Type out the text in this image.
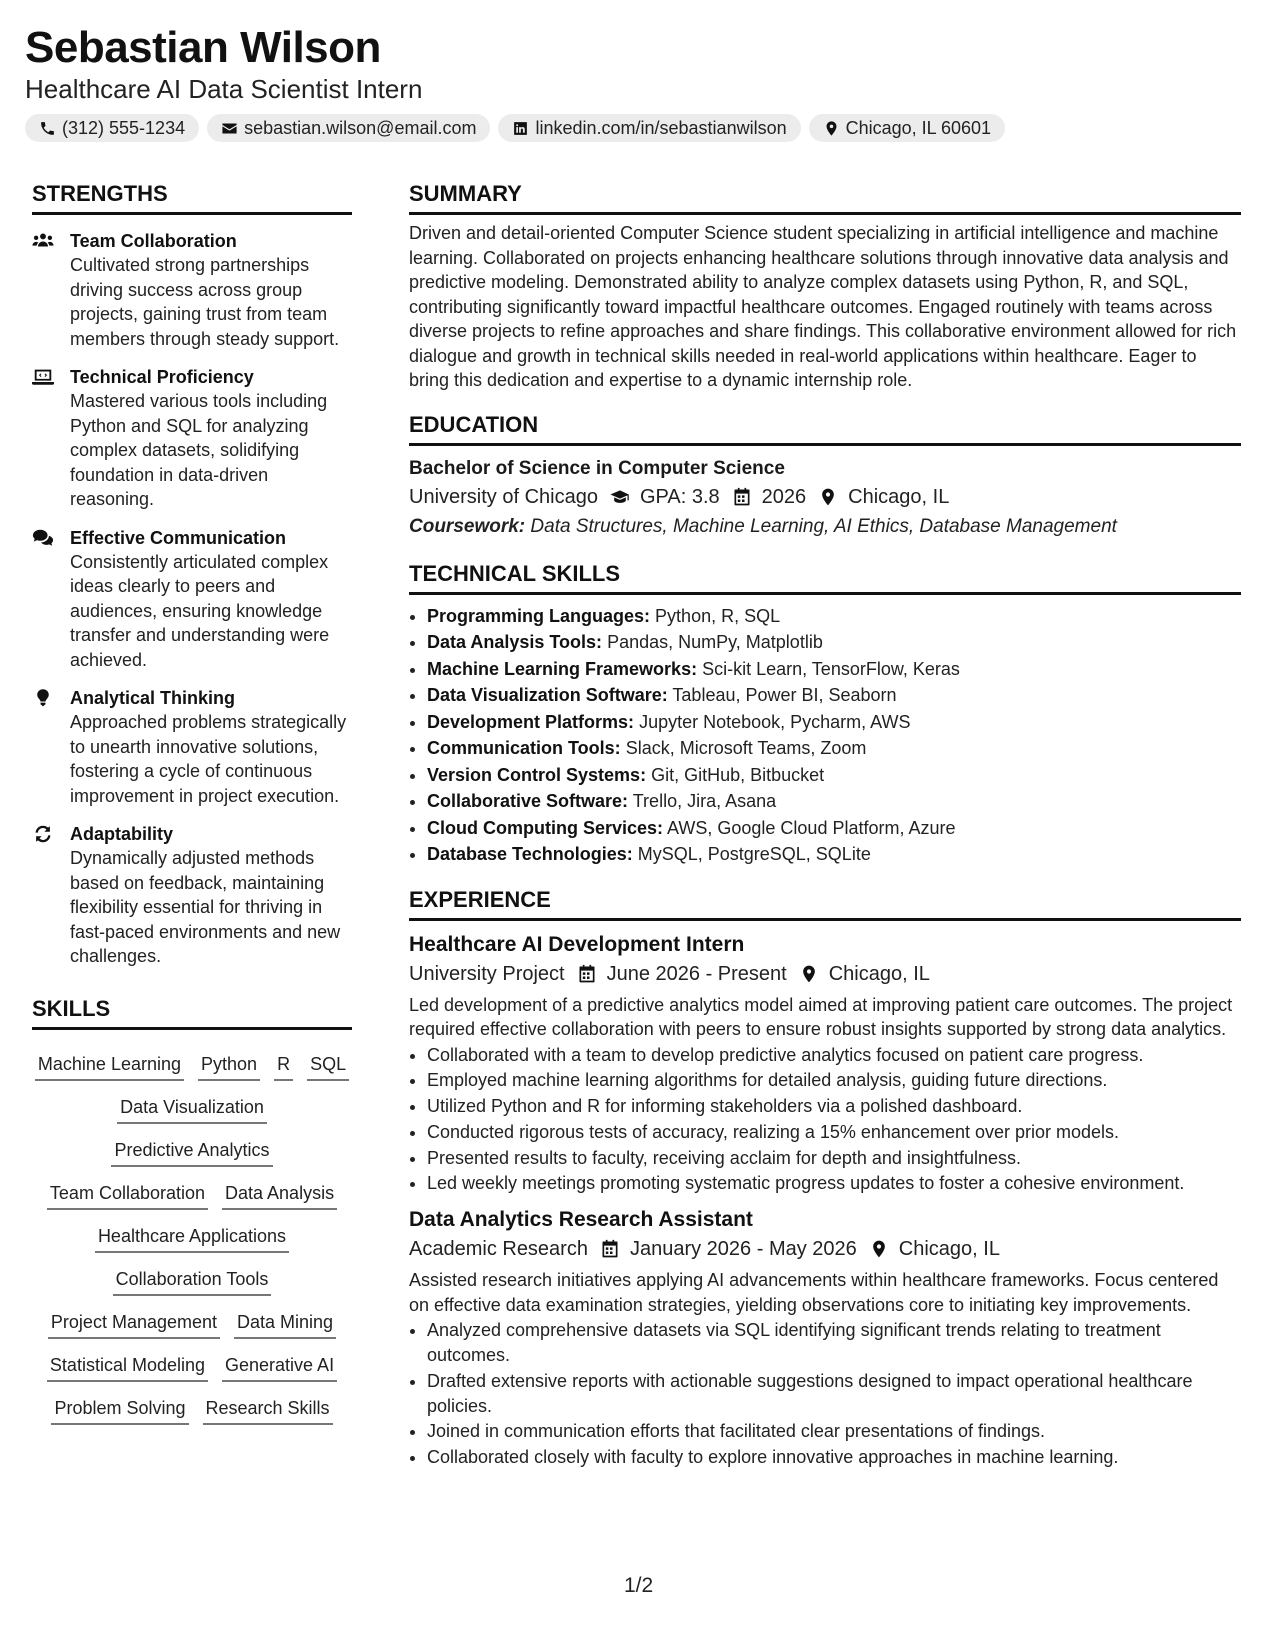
Sebastian Wilson
Healthcare AI Data Scientist Intern
(312) 555-1234	sebastian.wilson@email.com	linkedin.com/in/sebastianwilson	Chicago, IL 60601
STRENGTHS
Team Collaboration
Cultivated strong partnerships driving success across group projects, gaining trust from team members through steady support.
Technical Proficiency
Mastered various tools including Python and SQL for analyzing complex datasets, solidifying foundation in data-driven reasoning.
Effective Communication
Consistently articulated complex ideas clearly to peers and audiences, ensuring knowledge transfer and understanding were achieved.
Analytical Thinking
Approached problems strategically to unearth innovative solutions, fostering a cycle of continuous improvement in project execution.
Adaptability
Dynamically adjusted methods based on feedback, maintaining flexibility essential for thriving in fast-paced environments and new challenges.
SKILLS
Machine Learning Python R SQL
Data Visualization
Predictive Analytics
Team Collaboration Data Analysis
Healthcare Applications
Collaboration Tools
Project Management Data Mining
Statistical Modeling Generative AI
Problem Solving Research Skills
SUMMARY
Driven and detail-oriented Computer Science student specializing in artificial intelligence and machine learning. Collaborated on projects enhancing healthcare solutions through innovative data analysis and predictive modeling. Demonstrated ability to analyze complex datasets using Python, R, and SQL, contributing significantly toward impactful healthcare outcomes. Engaged routinely with teams across diverse projects to refine approaches and share findings. This collaborative environment allowed for rich dialogue and growth in technical skills needed in real-world applications within healthcare. Eager to bring this dedication and expertise to a dynamic internship role.
EDUCATION
Bachelor of Science in Computer Science
University of Chicago GPA: 3.8 2026 Chicago, IL
Coursework: Data Structures, Machine Learning, AI Ethics, Database Management
TECHNICAL SKILLS
• Programming Languages: Python, R, SQL
• Data Analysis Tools: Pandas, NumPy, Matplotlib
• Machine Learning Frameworks: Sci-kit Learn, TensorFlow, Keras
• Data Visualization Software: Tableau, Power BI, Seaborn
• Development Platforms: Jupyter Notebook, Pycharm, AWS
• Communication Tools: Slack, Microsoft Teams, Zoom
• Version Control Systems: Git, GitHub, Bitbucket
• Collaborative Software: Trello, Jira, Asana
• Cloud Computing Services: AWS, Google Cloud Platform, Azure
• Database Technologies: MySQL, PostgreSQL, SQLite
EXPERIENCE
Healthcare AI Development Intern
University Project June 2026 - Present Chicago, IL
Led development of a predictive analytics model aimed at improving patient care outcomes. The project required effective collaboration with peers to ensure robust insights supported by strong data analytics.
• Collaborated with a team to develop predictive analytics focused on patient care progress.
• Employed machine learning algorithms for detailed analysis, guiding future directions.
• Utilized Python and R for informing stakeholders via a polished dashboard.
• Conducted rigorous tests of accuracy, realizing a 15% enhancement over prior models.
• Presented results to faculty, receiving acclaim for depth and insightfulness.
• Led weekly meetings promoting systematic progress updates to foster a cohesive environment.
Data Analytics Research Assistant
Academic Research January 2026 - May 2026 Chicago, IL
Assisted research initiatives applying AI advancements within healthcare frameworks. Focus centered on effective data examination strategies, yielding observations core to initiating key improvements.
• Analyzed comprehensive datasets via SQL identifying significant trends relating to treatment outcomes.
• Drafted extensive reports with actionable suggestions designed to impact operational healthcare policies.
• Joined in communication efforts that facilitated clear presentations of findings.
• Collaborated closely with faculty to explore innovative approaches in machine learning.
1/2
